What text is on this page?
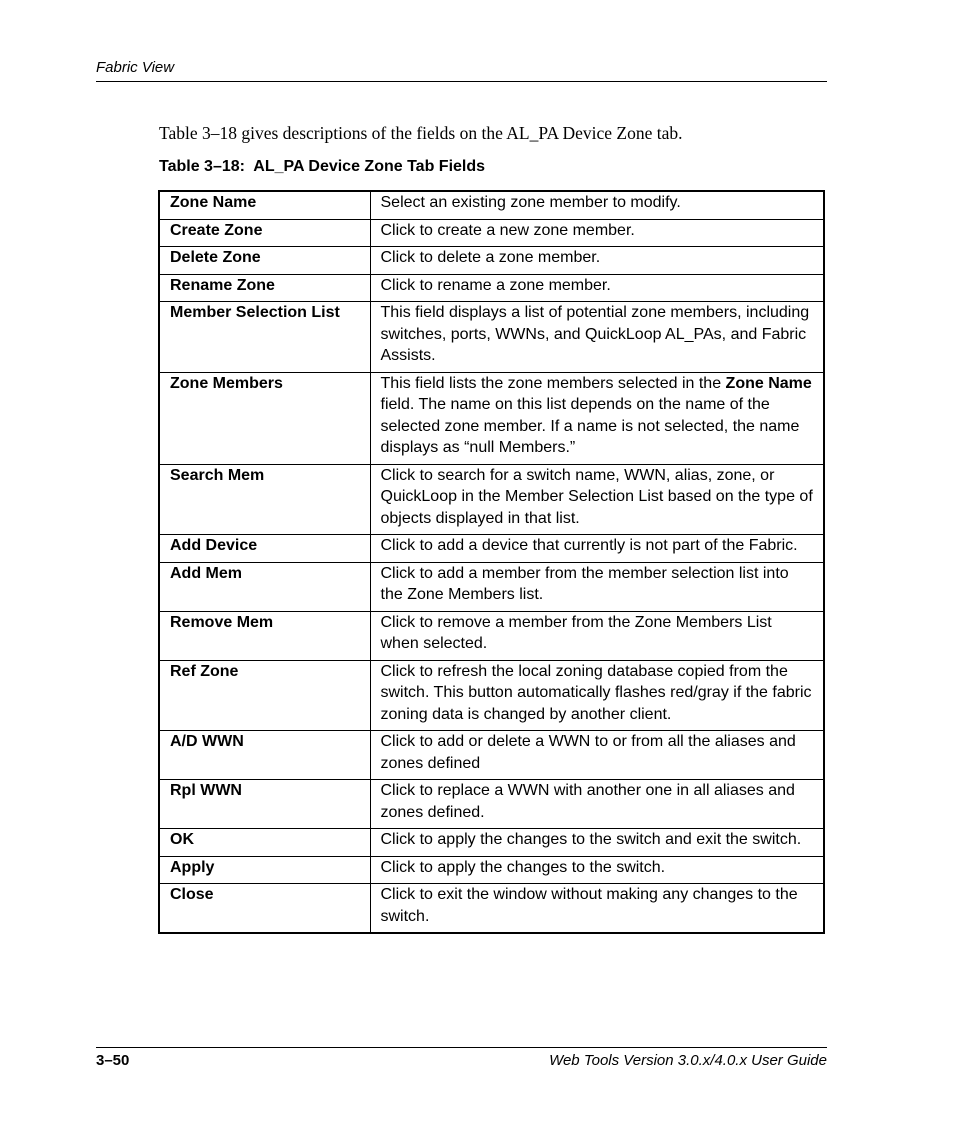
Fabric View

Table 3–18 gives descriptions of the fields on the AL_PA Device Zone tab.

Table 3–18:  AL_PA Device Zone Tab Fields
Zone Name	Select an existing zone member to modify.
Create Zone	Click to create a new zone member.
Delete Zone	Click to delete a zone member.
Rename Zone	Click to rename a zone member.
Member Selection List	This field displays a list of potential zone members, including switches, ports, WWNs, and QuickLoop AL_PAs, and Fabric Assists.
Zone Members	This field lists the zone members selected in the Zone Name field. The name on this list depends on the name of the selected zone member. If a name is not selected, the name displays as “null Members.”
Search Mem	Click to search for a switch name, WWN, alias, zone, or QuickLoop in the Member Selection List based on the type of objects displayed in that list.
Add Device	Click to add a device that currently is not part of the Fabric.
Add Mem	Click to add a member from the member selection list into the Zone Members list.
Remove Mem	Click to remove a member from the Zone Members List when selected.
Ref Zone	Click to refresh the local zoning database copied from the switch. This button automatically flashes red/gray if the fabric zoning data is changed by another client.
A/D WWN	Click to add or delete a WWN to or from all the aliases and zones defined
Rpl WWN	Click to replace a WWN with another one in all aliases and zones defined.
OK	Click to apply the changes to the switch and exit the switch.
Apply	Click to apply the changes to the switch.
Close	Click to exit the window without making any changes to the switch.
3–50	Web Tools Version 3.0.x/4.0.x User Guide
